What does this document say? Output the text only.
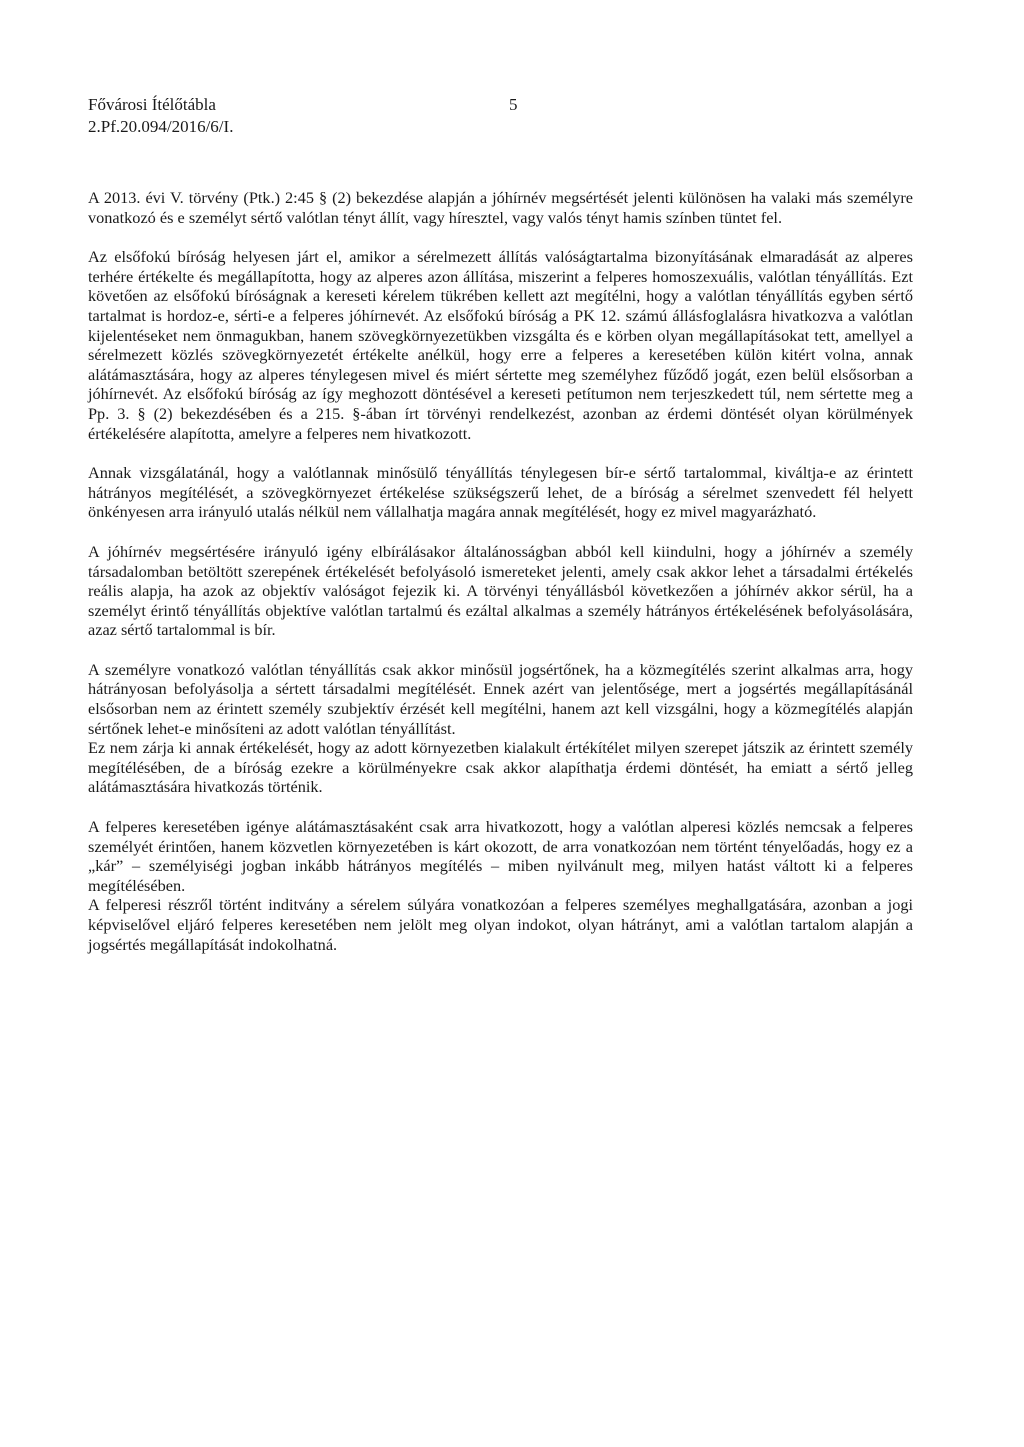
Fővárosi Ítélőtábla
2.Pf.20.094/2016/6/I.
5

A 2013. évi V. törvény (Ptk.) 2:45 § (2) bekezdése alapján a jóhírnév megsértését jelenti különösen ha valaki más személyre vonatkozó és e személyt sértő valótlan tényt állít, vagy híresztel, vagy valós tényt hamis színben tüntet fel.

Az elsőfokú bíróság helyesen járt el, amikor a sérelmezett állítás valóságtartalma bizonyításának elmaradását az alperes terhére értékelte és megállapította, hogy az alperes azon állítása, miszerint a felperes homoszexuális, valótlan tényállítás. Ezt követően az elsőfokú bíróságnak a kereseti kérelem tükrében kellett azt megítélni, hogy a valótlan tényállítás egyben sértő tartalmat is hordoz-e, sérti-e a felperes jóhírnevét. Az elsőfokú bíróság a PK 12. számú állásfoglalásra hivatkozva a valótlan kijelentéseket nem önmagukban, hanem szövegkörnyezetükben vizsgálta és e körben olyan megállapításokat tett, amellyel a sérelmezett közlés szövegkörnyezetét értékelte anélkül, hogy erre a felperes a keresetében külön kitért volna, annak alátámasztására, hogy az alperes ténylegesen mivel és miért sértette meg személyhez fűződő jogát, ezen belül elsősorban a jóhírnevét. Az elsőfokú bíróság az így meghozott döntésével a kereseti petítumon nem terjeszkedett túl, nem sértette meg a Pp. 3. § (2) bekezdésében és a 215. §-ában írt törvényi rendelkezést, azonban az érdemi döntését olyan körülmények értékelésére alapította, amelyre a felperes nem hivatkozott.

Annak vizsgálatánál, hogy a valótlannak minősülő tényállítás ténylegesen bír-e sértő tartalommal, kiváltja-e az érintett hátrányos megítélését, a szövegkörnyezet értékelése szükségszerű lehet, de a bíróság a sérelmet szenvedett fél helyett önkényesen arra irányuló utalás nélkül nem vállalhatja magára annak megítélését, hogy ez mivel magyarázható.

A jóhírnév megsértésére irányuló igény elbírálásakor általánosságban abból kell kiindulni, hogy a jóhírnév a személy társadalomban betöltött szerepének értékelését befolyásoló ismereteket jelenti, amely csak akkor lehet a társadalmi értékelés reális alapja, ha azok az objektív valóságot fejezik ki. A törvényi tényállásból következően a jóhírnév akkor sérül, ha a személyt érintő tényállítás objektíve valótlan tartalmú és ezáltal alkalmas a személy hátrányos értékelésének befolyásolására, azaz sértő tartalommal is bír.

A személyre vonatkozó valótlan tényállítás csak akkor minősül jogsértőnek, ha a közmegítélés szerint alkalmas arra, hogy hátrányosan befolyásolja a sértett társadalmi megítélését. Ennek azért van jelentősége, mert a jogsértés megállapításánál elsősorban nem az érintett személy szubjektív érzését kell megítélni, hanem azt kell vizsgálni, hogy a közmegítélés alapján sértőnek lehet-e minősíteni az adott valótlan tényállítást.

Ez nem zárja ki annak értékelését, hogy az adott környezetben kialakult értékítélet milyen szerepet játszik az érintett személy megítélésében, de a bíróság ezekre a körülményekre csak akkor alapíthatja érdemi döntését, ha emiatt a sértő jelleg alátámasztására hivatkozás történik.

A felperes keresetében igénye alátámasztásaként csak arra hivatkozott, hogy a valótlan alperesi közlés nemcsak a felperes személyét érintően, hanem közvetlen környezetében is kárt okozott, de arra vonatkozóan nem történt tényelőadás, hogy ez a „kár” – személyiségi jogban inkább hátrányos megítélés – miben nyilvánult meg, milyen hatást váltott ki a felperes megítélésében.

A felperesi részről történt inditvány a sérelem súlyára vonatkozóan a felperes személyes meghallgatására, azonban a jogi képviselővel eljáró felperes keresetében nem jelölt meg olyan indokot, olyan hátrányt, ami a valótlan tartalom alapján a jogsértés megállapítását indokolhatná.
